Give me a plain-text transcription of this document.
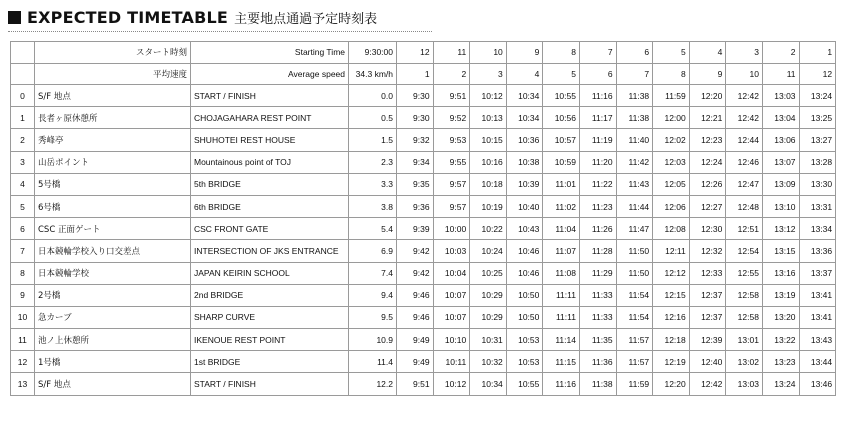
EXPECTED TIMETABLE 主要地点通過予定時刻表
	スタート時刻	Starting Time	9:30:00	12	11	10	9	8	7	6	5	4	3	2	1
	平均速度	Average speed	34.3 km/h	1	2	3	4	5	6	7	8	9	10	11	12
0	S/F 地点	START / FINISH	0.0	9:30	9:51	10:12	10:34	10:55	11:16	11:38	11:59	12:20	12:42	13:03	13:24
1	長者ヶ原休憩所	CHOJAGAHARA REST POINT	0.5	9:30	9:52	10:13	10:34	10:56	11:17	11:38	12:00	12:21	12:42	13:04	13:25
2	秀峰亭	SHUHOTEI REST HOUSE	1.5	9:32	9:53	10:15	10:36	10:57	11:19	11:40	12:02	12:23	12:44	13:06	13:27
3	山岳ポイント	Mountainous point of TOJ	2.3	9:34	9:55	10:16	10:38	10:59	11:20	11:42	12:03	12:24	12:46	13:07	13:28
4	5号橋	5th BRIDGE	3.3	9:35	9:57	10:18	10:39	11:01	11:22	11:43	12:05	12:26	12:47	13:09	13:30
5	6号橋	6th BRIDGE	3.8	9:36	9:57	10:19	10:40	11:02	11:23	11:44	12:06	12:27	12:48	13:10	13:31
6	CSC 正面ゲート	CSC FRONT GATE	5.4	9:39	10:00	10:22	10:43	11:04	11:26	11:47	12:08	12:30	12:51	13:12	13:34
7	日本競輪学校入り口交差点	INTERSECTION OF JKS ENTRANCE	6.9	9:42	10:03	10:24	10:46	11:07	11:28	11:50	12:11	12:32	12:54	13:15	13:36
8	日本競輪学校	JAPAN KEIRIN SCHOOL	7.4	9:42	10:04	10:25	10:46	11:08	11:29	11:50	12:12	12:33	12:55	13:16	13:37
9	2号橋	2nd BRIDGE	9.4	9:46	10:07	10:29	10:50	11:11	11:33	11:54	12:15	12:37	12:58	13:19	13:41
10	急カーブ	SHARP CURVE	9.5	9:46	10:07	10:29	10:50	11:11	11:33	11:54	12:16	12:37	12:58	13:20	13:41
11	池ノ上休憩所	IKENOUE REST POINT	10.9	9:49	10:10	10:31	10:53	11:14	11:35	11:57	12:18	12:39	13:01	13:22	13:43
12	1号橋	1st BRIDGE	11.4	9:49	10:11	10:32	10:53	11:15	11:36	11:57	12:19	12:40	13:02	13:23	13:44
13	S/F 地点	START / FINISH	12.2	9:51	10:12	10:34	10:55	11:16	11:38	11:59	12:20	12:42	13:03	13:24	13:46
